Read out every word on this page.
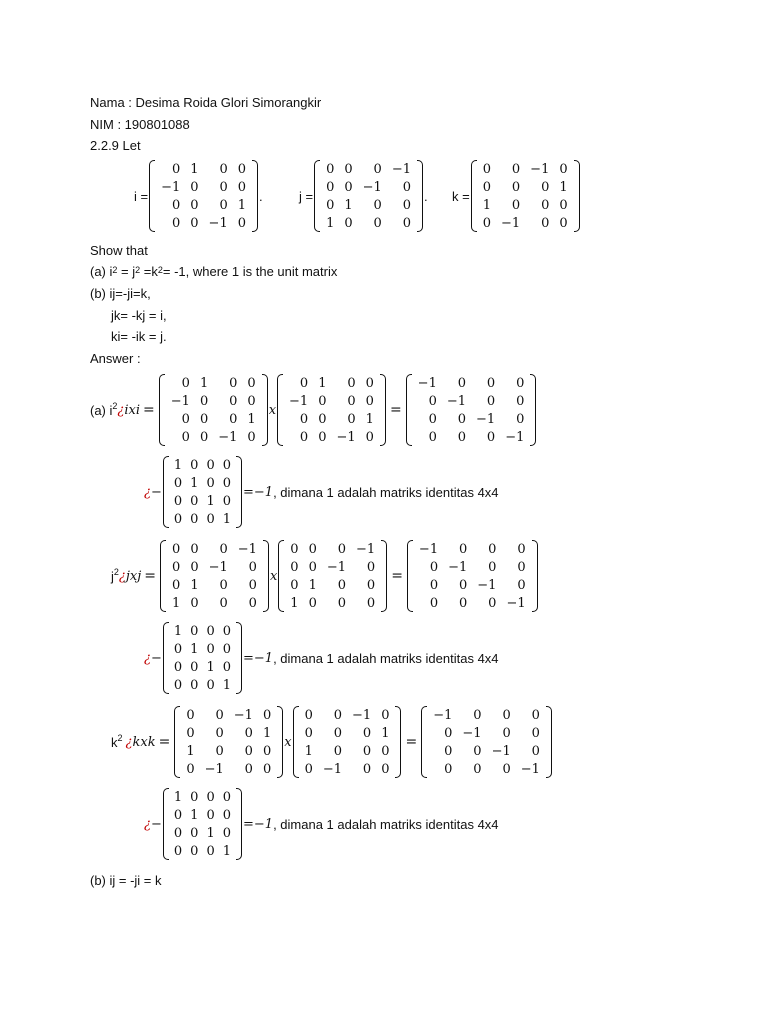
Nama : Desima Roida Glori Simorangkir
NIM : 190801088
2.2.9 Let
i =
0	1	0	0
−1	0	0	0
0	0	0	1
0	0	−1	0
.	j =
0	0	0	−1
0	0	−1	0
0	1	0	0
1	0	0	0
. k =
0	0	−1	0
0	0	0	1
1	0	0	0
0	−1	0	0
Show that
(a) $i^2 = j^2 =k^2= -1$, where 1 is the unit matrix
(b) ij=-ji=k,
jk= -kj = i,
ki= -ik = j.
Answer :
(a) $i^2$ ¿ ixi =
0	1	0	0
−1	0	0	0
0	0	0	1
0	0	−1	0
x
0	1	0	0
−1	0	0	0
0	0	0	1
0	0	−1	0
=
−1	0	0	0
0	−1	0	0
0	0	−1	0
0	0	0	−1
¿ −
1	0	0	0
0	1	0	0
0	0	1	0
0	0	0	1
=−1 , dimana 1 adalah matriks identitas 4x4
$j^2$ ¿ jxj =
0	0	0	−1
0	0	−1	0
0	1	0	0
1	0	0	0
x
0	0	0	−1
0	0	−1	0
0	1	0	0
1	0	0	0
=
−1	0	0	0
0	−1	0	0
0	0	−1	0
0	0	0	−1
¿ −
1	0	0	0
0	1	0	0
0	0	1	0
0	0	0	1
=−1 , dimana 1 adalah matriks identitas 4x4
$k^2$ ¿ kxk =
0	0	−1	0
0	0	0	1
1	0	0	0
0	−1	0	0
x
0	0	−1	0
0	0	0	1
1	0	0	0
0	−1	0	0
=
−1	0	0	0
0	−1	0	0
0	0	−1	0
0	0	0	−1
¿ −
1	0	0	0
0	1	0	0
0	0	1	0
0	0	0	1
=−1 , dimana 1 adalah matriks identitas 4x4
(b) ij = -ji = k
